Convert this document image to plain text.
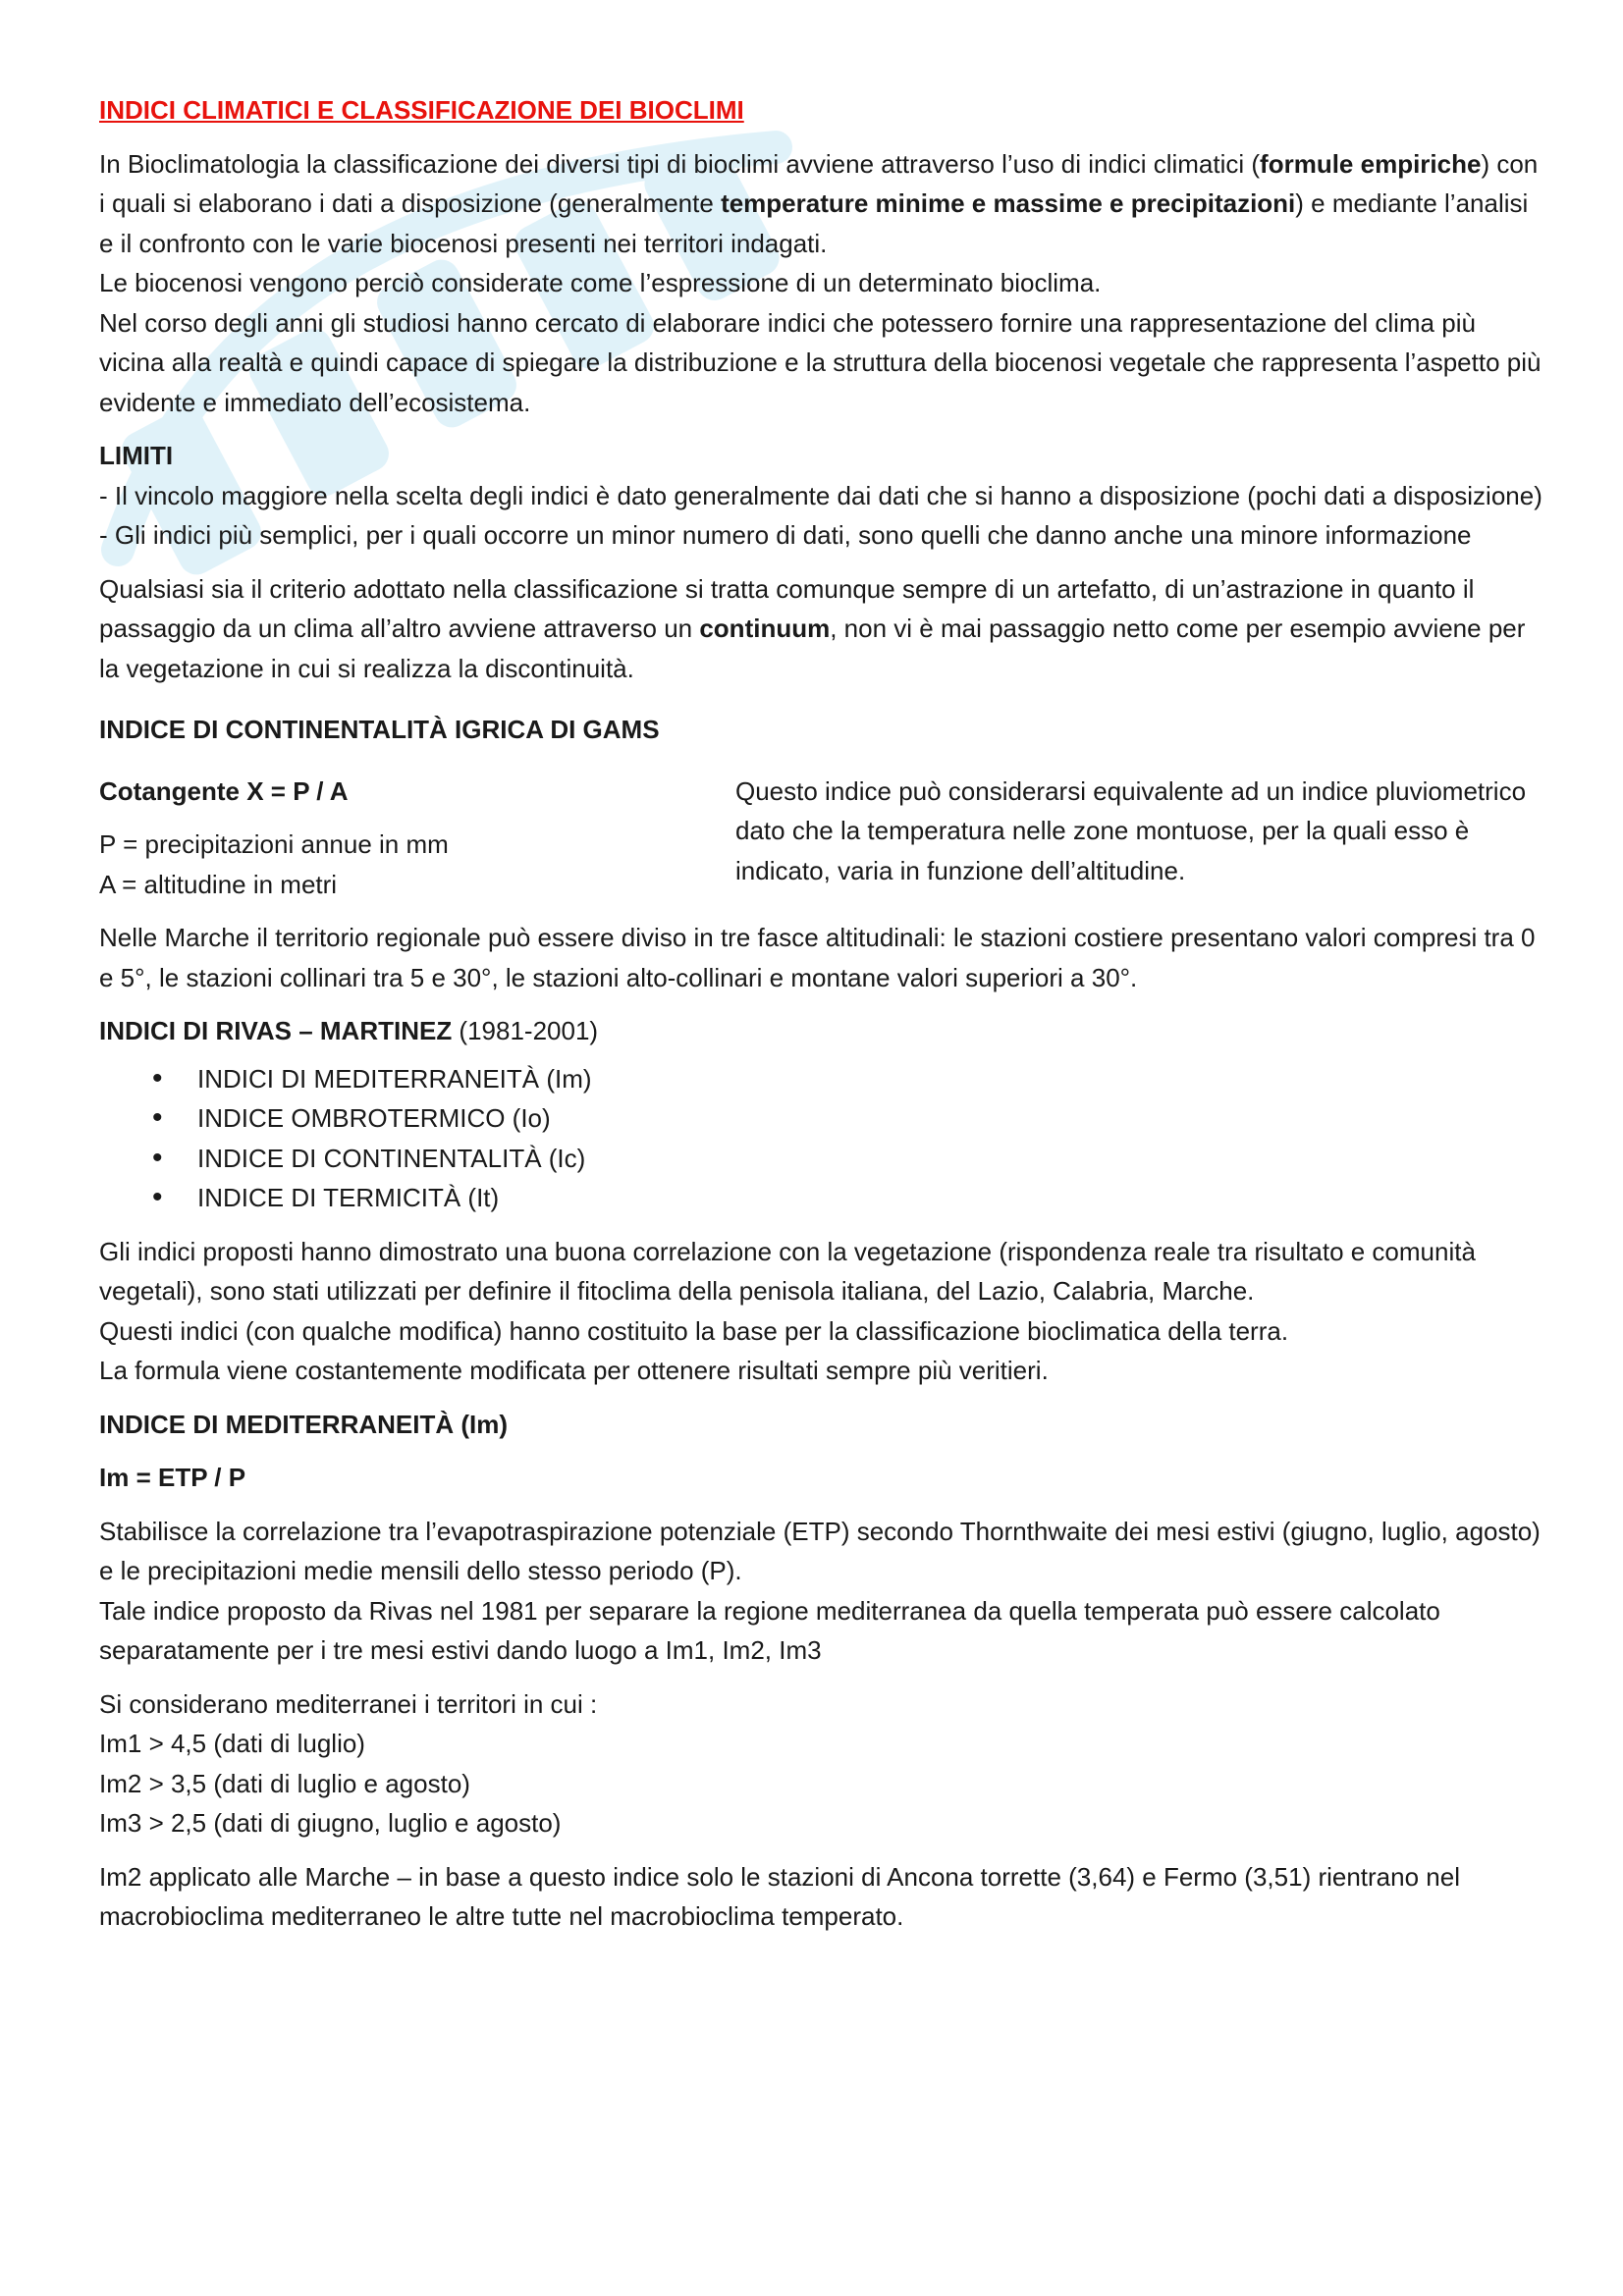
INDICI CLIMATICI E CLASSIFICAZIONE DEI BIOCLIMI

In Bioclimatologia la classificazione dei diversi tipi di bioclimi avviene attraverso l’uso di indici climatici (formule empiriche) con i quali si elaborano i dati a disposizione (generalmente temperature minime e massime e precipitazioni) e mediante l’analisi e il confronto con le varie biocenosi presenti nei territori indagati.

Le biocenosi vengono perciò considerate come l’espressione di un determinato bioclima.

Nel corso degli anni gli studiosi hanno cercato di elaborare indici che potessero fornire una rappresentazione del clima più vicina alla realtà e quindi capace di spiegare la distribuzione e la struttura della biocenosi vegetale che rappresenta l’aspetto più evidente e immediato dell’ecosistema.

LIMITI

- Il vincolo maggiore nella scelta degli indici è dato generalmente dai dati che si hanno a disposizione (pochi dati a disposizione)

- Gli indici più semplici, per i quali occorre un minor numero di dati, sono quelli che danno anche una minore informazione

Qualsiasi sia il criterio adottato nella classificazione si tratta comunque sempre di un artefatto, di un’astrazione in quanto il passaggio da un clima all’altro avviene attraverso un continuum, non vi è mai passaggio netto come per esempio avviene per la vegetazione in cui si realizza la discontinuità.

INDICE DI CONTINENTALITÀ IGRICA DI GAMS

Cotangente X = P / A

P = precipitazioni annue in mm

A = altitudine in metri

Questo indice può considerarsi equivalente ad un indice pluviometrico dato che la temperatura nelle zone montuose, per la quali esso è indicato, varia in funzione dell’altitudine.

Nelle Marche il territorio regionale può essere diviso in tre fasce altitudinali: le stazioni costiere presentano valori compresi tra 0 e 5°, le stazioni collinari tra 5 e 30°, le stazioni alto-collinari e montane valori superiori a 30°.

INDICI DI RIVAS – MARTINEZ (1981-2001)

• INDICI DI MEDITERRANEITÀ (Im)
• INDICE OMBROTERMICO (Io)
• INDICE DI CONTINENTALITÀ (Ic)
• INDICE DI TERMICITÀ (It)

Gli indici proposti hanno dimostrato una buona correlazione con la vegetazione (rispondenza reale tra risultato e comunità vegetali), sono stati utilizzati per definire il fitoclima della penisola italiana, del Lazio, Calabria, Marche.

Questi indici (con qualche modifica) hanno costituito la base per la classificazione bioclimatica della terra.

La formula viene costantemente modificata per ottenere risultati sempre più veritieri.

INDICE DI MEDITERRANEITÀ (Im)

Im = ETP / P

Stabilisce la correlazione tra l’evapotraspirazione potenziale (ETP) secondo Thornthwaite dei mesi estivi (giugno, luglio, agosto) e le precipitazioni medie mensili dello stesso periodo (P).

Tale indice proposto da Rivas nel 1981 per separare la regione mediterranea da quella temperata può essere calcolato separatamente per i tre mesi estivi dando luogo a Im1, Im2, Im3

Si considerano mediterranei i territori in cui :

Im1 > 4,5 (dati di luglio)

Im2 > 3,5 (dati di luglio e agosto)

Im3 > 2,5 (dati di giugno, luglio e agosto)

Im2 applicato alle Marche – in base a questo indice solo le stazioni di Ancona torrette (3,64) e Fermo (3,51) rientrano nel macrobioclima mediterraneo le altre tutte nel macrobioclima temperato.
